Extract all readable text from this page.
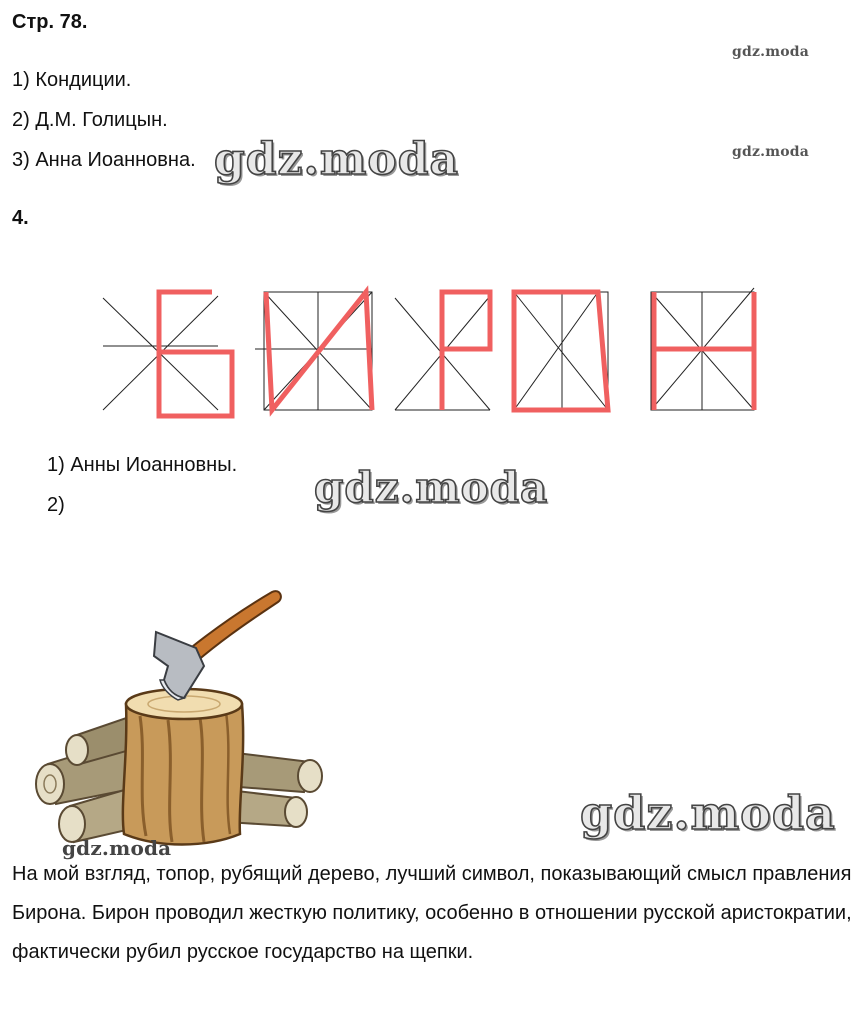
Стр. 78.
gdz.moda
gdz.moda
1) Кондиции.
2) Д.М. Голицын.
3) Анна Иоанновна. gdz.moda
4.
1) Анны Иоанновны.
2)	gdz.moda
gdz.moda
gdz.moda
На мой взгляд, топор, рубящий дерево, лучший символ, показывающий смысл правления Бирона. Бирон проводил жесткую политику, особенно в отношении русской аристократии, фактически рубил русское государство на щепки.
